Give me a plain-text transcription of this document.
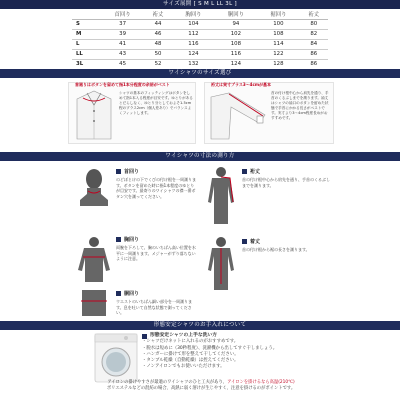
サイズ展開 [ S M L LL 3L ]
	首回り	裄丈	胸回り	胴回り	裾回り	裄丈
S	37	44	104	94	100	80
M	39	46	112	102	108	82
L	41	48	116	108	114	84
LL	43	50	124	116	122	86
3L	45	52	132	124	128	86
ワイシャツのサイズ選び
首廻りはボタンを留めて指1本分程度の余裕がベスト
シャツの基本のフィッティングはボタンをしめて指1本入る程度が目安です。ゆとりがあるとだらしなく、ゆとり分としておよそ1.5cm程のプラス2cm（個人差あり）でバランスよくフィットします。
裄丈は実寸プラス3〜4cmが基本
首の付け根中心から肩先を通り、手首のくるぶしまでを測ります。袖丈はシャツの袖口のボタンを留めた状態で手首にかかる長さがベストです。実寸より3〜4cm程度長めがおすすめです。
ワイシャツの寸法の測り方
首回り
のどぼとけの下でくびの付け根を一周測ります。ボタンを留めた時に指1本程度のゆとりが目安です。最寄りのワイシャツの襟一番ボタン穴を測ってください。
胸回り
両腕を下ろして、胸のいちばん高い位置を水平に一周測ります。メジャーがずり落ちないように注意。
胴回り
ウエストのいちばん細い部分を一周測ります。息を吐いて自然な状態で測ってください。
裄丈
首の付け根中心から肩先を通り、手首のくるぶしまでを測ります。
着丈
首の付け根から裾の長さを測ります。
形態安定シャツのお手入れについて
形態安定シャツの上手な洗い方
・シャツだけネットに入れるのがおすすめです。
・脱水は短めに（30秒程度）、洗濯機から出してすぐ干しましょう。
・ハンガーに掛けて形を整えて干してください。
・タンブル乾燥（自動乾燥）は控えてください。
・ノンアイロンでもお使いいただけます。
アイロンの掛けやすさが最適のワイシャツのひと工夫があり、アイロンを掛けるなら高温(210℃)
ポリエステルなどの混紡の場合、高熱に弱く溶けが生じやすく、注意を掛けるのがポイントです。
